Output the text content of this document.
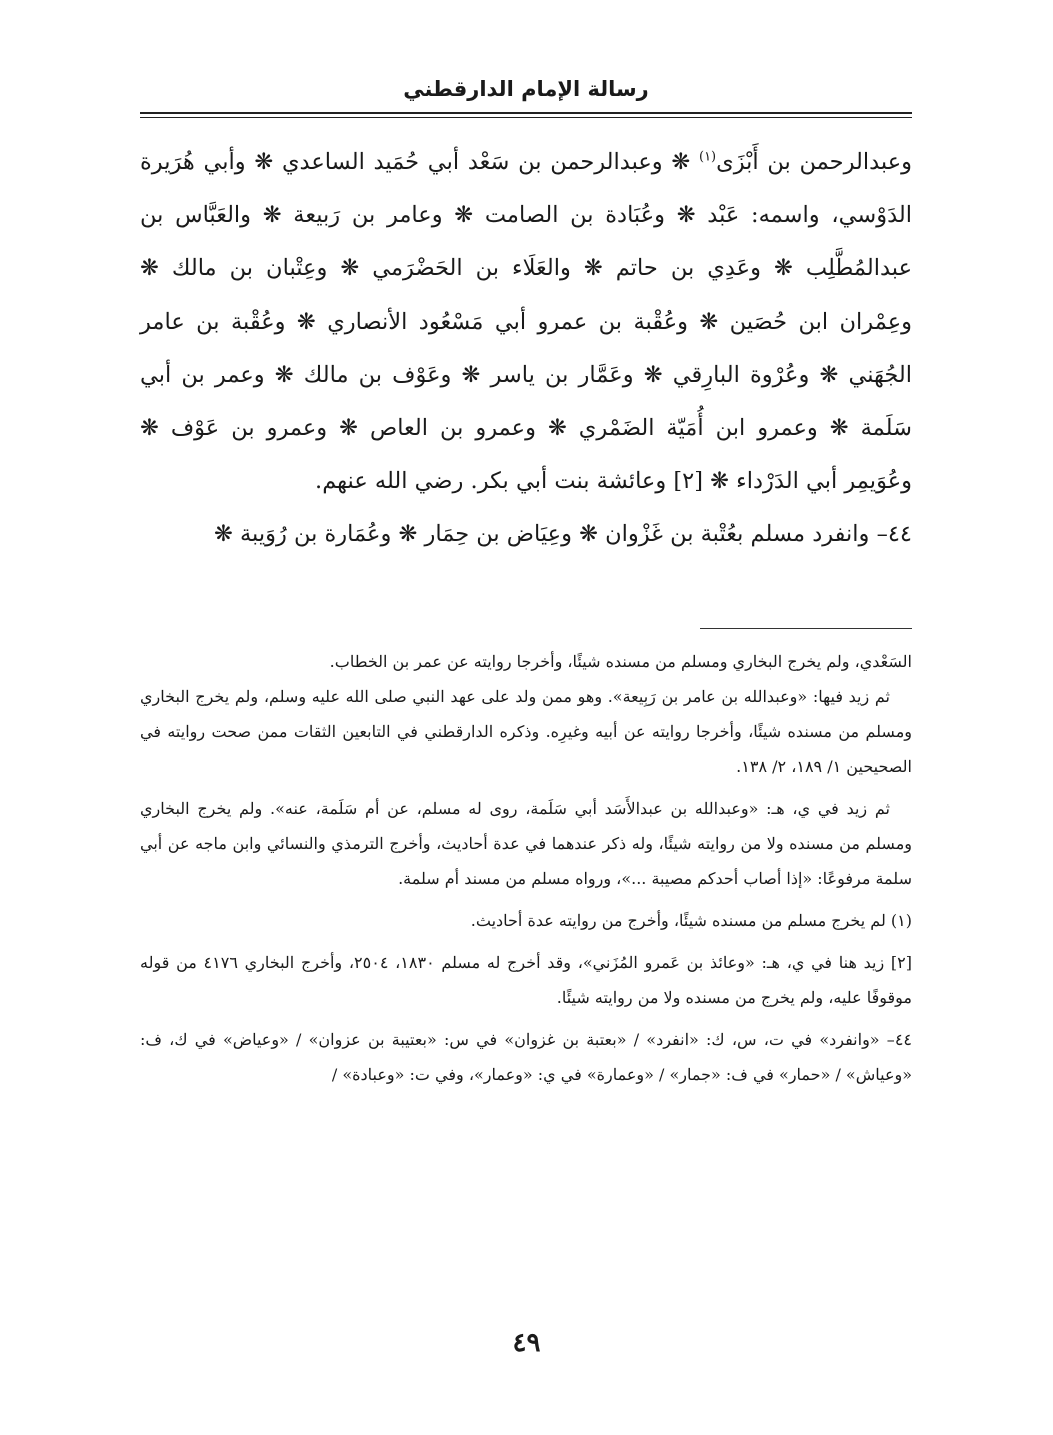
رسالة الإمام الدارقطني

وعبدالرحمن بن أَبْزَى$^{(١)}$ ❋ وعبدالرحمن بن سَعْد أبي حُمَيد الساعدي ❋ وأبي هُرَيرة الدَوْسي، واسمه: عَبْد ❋ وعُبَادة بن الصامت ❋ وعامر بن رَبيعة ❋ والعَبَّاس بن عبدالمُطَّلِب ❋ وعَدِي بن حاتم ❋ والعَلَاء بن الحَضْرَمي ❋ وعِتْبان بن مالك ❋ وعِمْران ابن حُصَين ❋ وعُقْبة بن عمرو أبي مَسْعُود الأنصاري ❋ وعُقْبة بن عامر الجُهَني ❋ وعُرْوة البارِقي ❋ وعَمَّار بن ياسر ❋ وعَوْف بن مالك ❋ وعمر بن أبي سَلَمة ❋ وعمرو ابن أُمَيّة الضَمْري ❋ وعمرو بن العاص ❋ وعمرو بن عَوْف ❋ وعُوَيمِر أبي الدَرْداء ❋ [٢] وعائشة بنت أبي بكر. رضي الله عنهم.

٤٤– وانفرد مسلم بعُتْبة بن غَزْوان ❋ وعِيَاض بن حِمَار ❋ وعُمَارة بن رُوَيبة ❋

السَعْدي، ولم يخرج البخاري ومسلم من مسنده شيئًا، وأخرجا روايته عن عمر بن الخطاب.

ثم زيد فيها: «وعبدالله بن عامر بن رَبِيعة». وهو ممن ولد على عهد النبي صلى الله عليه وسلم، ولم يخرج البخاري ومسلم من مسنده شيئًا، وأخرجا روايته عن أبيه وغيرِه. وذكره الدارقطني في التابعين الثقات ممن صحت روايته في الصحيحين ١/ ١٨٩، ٢/ ١٣٨.

ثم زيد في ي، هـ: «وعبدالله بن عبدالأَسَد أبي سَلَمة، روى له مسلم، عن أم سَلَمة، عنه». ولم يخرج البخاري ومسلم من مسنده ولا من روايته شيئًا، وله ذكر عندهما في عدة أحاديث، وأخرج الترمذي والنسائي وابن ماجه عن أبي سلمة مرفوعًا: «إذا أصاب أحدكم مصيبة ...»، ورواه مسلم من مسند أم سلمة.

(١) لم يخرج مسلم من مسنده شيئًا، وأخرج من روايته عدة أحاديث.

[٢] زيد هنا في ي، هـ: «وعائذ بن عَمرو المُزَني»، وقد أخرج له مسلم ١٨٣٠، ٢٥٠٤، وأخرج البخاري ٤١٧٦ من قوله موقوفًا عليه، ولم يخرج من مسنده ولا من روايته شيئًا.

٤٤– «وانفرد» في ت، س، ك: «انفرد» / «بعتبة بن غزوان» في س: «بعتيبة بن عزوان» / «وعياض» في ك، ف: «وعياش» / «حمار» في ف: «جمار» / «وعمارة» في ي: «وعمار»، وفي ت: «وعبادة» /

٤٩
